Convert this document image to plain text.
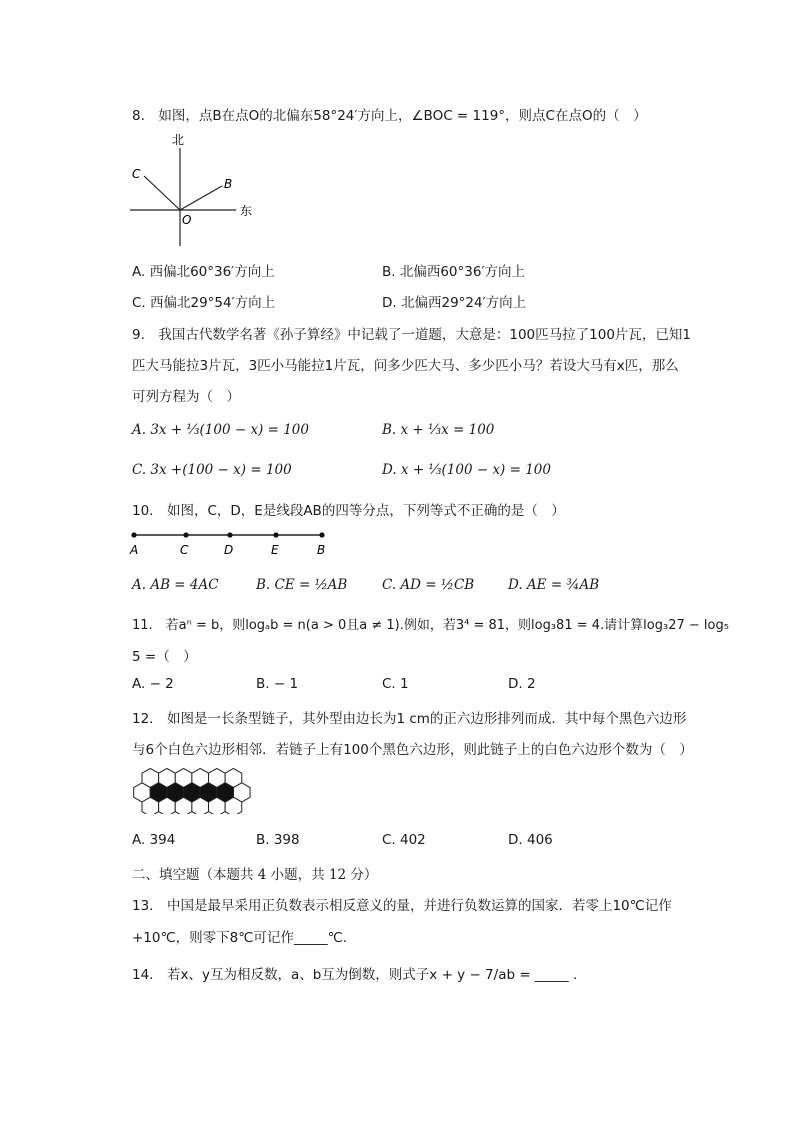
8.　如图，点B在点O的北偏东58°24′方向上，∠BOC = 119°，则点C在点O的（　）
北
东
C
B
O
A. 西偏北60°36′方向上	B. 北偏西60°36′方向上
C. 西偏北29°54′方向上	D. 北偏西29°24′方向上
9.　我国古代数学名著《孙子算经》中记载了一道题，大意是：100匹马拉了100片瓦，已知1
匹大马能拉3片瓦，3匹小马能拉1片瓦，问多少匹大马、多少匹小马？若设大马有x匹，那么
可列方程为（　）
A. 3x + ⅓(100 − x) = 100	B. x + ⅓x = 100
C. 3x +(100 − x) = 100	D. x + ⅓(100 − x) = 100
10.　如图，C，D，E是线段AB的四等分点，下列等式不正确的是（　）
A	C	D	E	B
A. AB = 4AC	B. CE = ½AB	C. AD = ½CB	D. AE = ¾AB
11.　若aⁿ = b，则logₐb = n(a > 0且a ≠ 1).例如，若3⁴ = 81，则log₃81 = 4.请计算log₃27 − log₅
5 =（　）
A. − 2	B. − 1	C. 1	D. 2
12.　如图是一长条型链子，其外型由边长为1 cm的正六边形排列而成．其中每个黑色六边形
与6个白色六边形相邻．若链子上有100个黑色六边形，则此链子上的白色六边形个数为（　）
A. 394	B. 398	C. 402	D. 406
二、填空题（本题共 4 小题，共 12 分）
13.　中国是最早采用正负数表示相反意义的量，并进行负数运算的国家．若零上10℃记作
+10℃，则零下8℃可记作_____℃.
14.　若x、y互为相反数，a、b互为倒数，则式子x + y − 7/ab = _____ .
